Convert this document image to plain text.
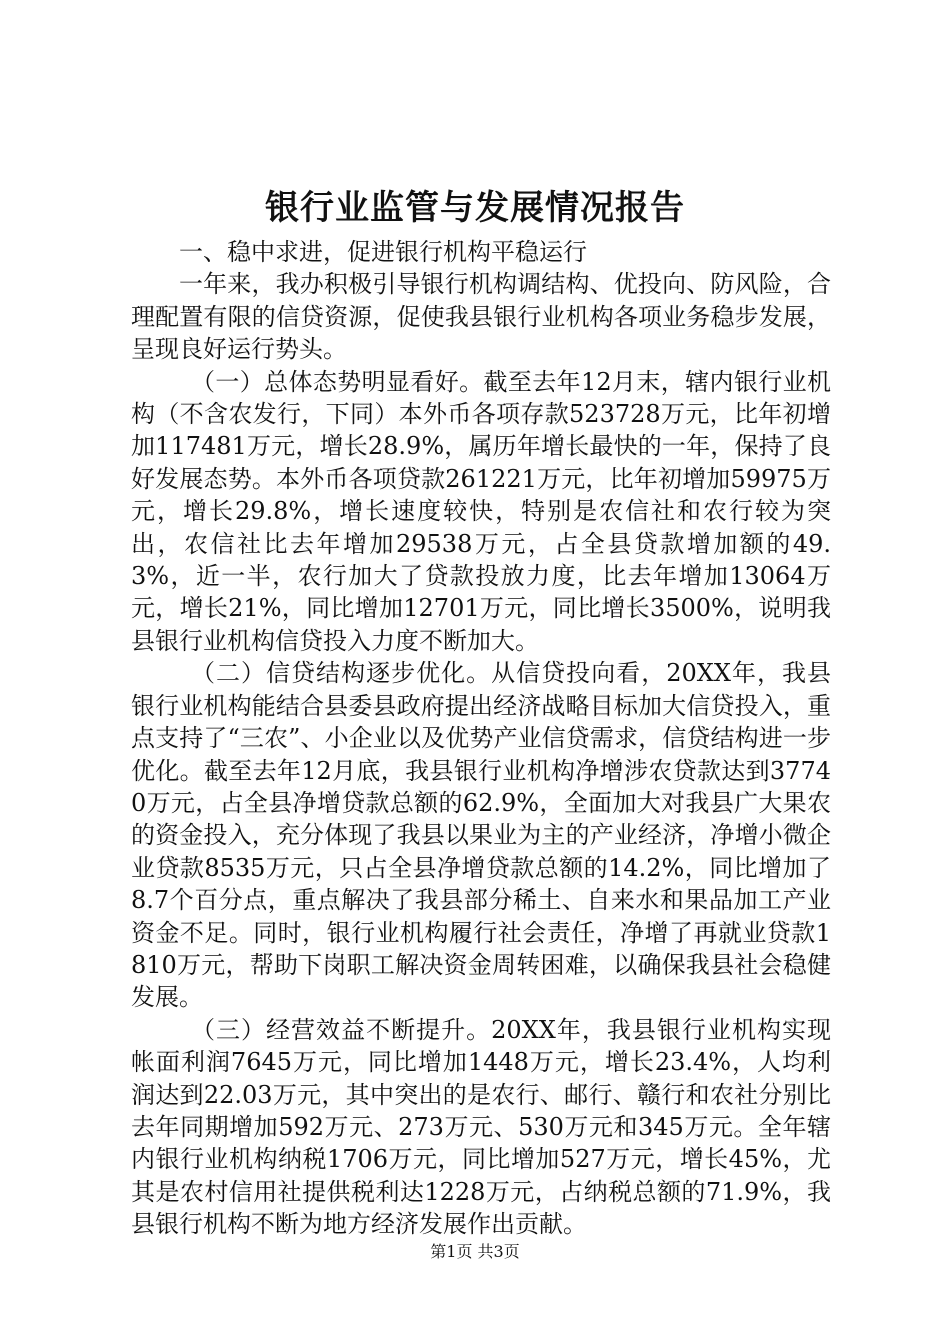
银行业监管与发展情况报告

一、稳中求进，促进银行机构平稳运行

一年来，我办积极引导银行机构调结构、优投向、防风险，合理配置有限的信贷资源，促使我县银行业机构各项业务稳步发展，呈现良好运行势头。

（一）总体态势明显看好。截至去年12月末，辖内银行业机构（不含农发行，下同）本外币各项存款523728万元，比年初增加117481万元，增长28.9%，属历年增长最快的一年，保持了良好发展态势。本外币各项贷款261221万元，比年初增加59975万元，增长29.8%，增长速度较快，特别是农信社和农行较为突出，农信社比去年增加29538万元，占全县贷款增加额的49.3%，近一半，农行加大了贷款投放力度，比去年增加13064万元，增长21%，同比增加12701万元，同比增长3500%，说明我县银行业机构信贷投入力度不断加大。

（二）信贷结构逐步优化。从信贷投向看，20XX年，我县银行业机构能结合县委县政府提出经济战略目标加大信贷投入，重点支持了“三农”、小企业以及优势产业信贷需求，信贷结构进一步优化。截至去年12月底，我县银行业机构净增涉农贷款达到37740万元，占全县净增贷款总额的62.9%，全面加大对我县广大果农的资金投入，充分体现了我县以果业为主的产业经济，净增小微企业贷款8535万元，只占全县净增贷款总额的14.2%，同比增加了8.7个百分点，重点解决了我县部分稀土、自来水和果品加工产业资金不足。同时，银行业机构履行社会责任，净增了再就业贷款1810万元，帮助下岗职工解决资金周转困难，以确保我县社会稳健发展。

（三）经营效益不断提升。20XX年，我县银行业机构实现帐面利润7645万元，同比增加1448万元，增长23.4%，人均利润达到22.03万元，其中突出的是农行、邮行、赣行和农社分别比去年同期增加592万元、273万元、530万元和345万元。全年辖内银行业机构纳税1706万元，同比增加527万元，增长45%，尤其是农村信用社提供税利达1228万元，占纳税总额的71.9%，我县银行机构不断为地方经济发展作出贡献。

第1页 共3页
